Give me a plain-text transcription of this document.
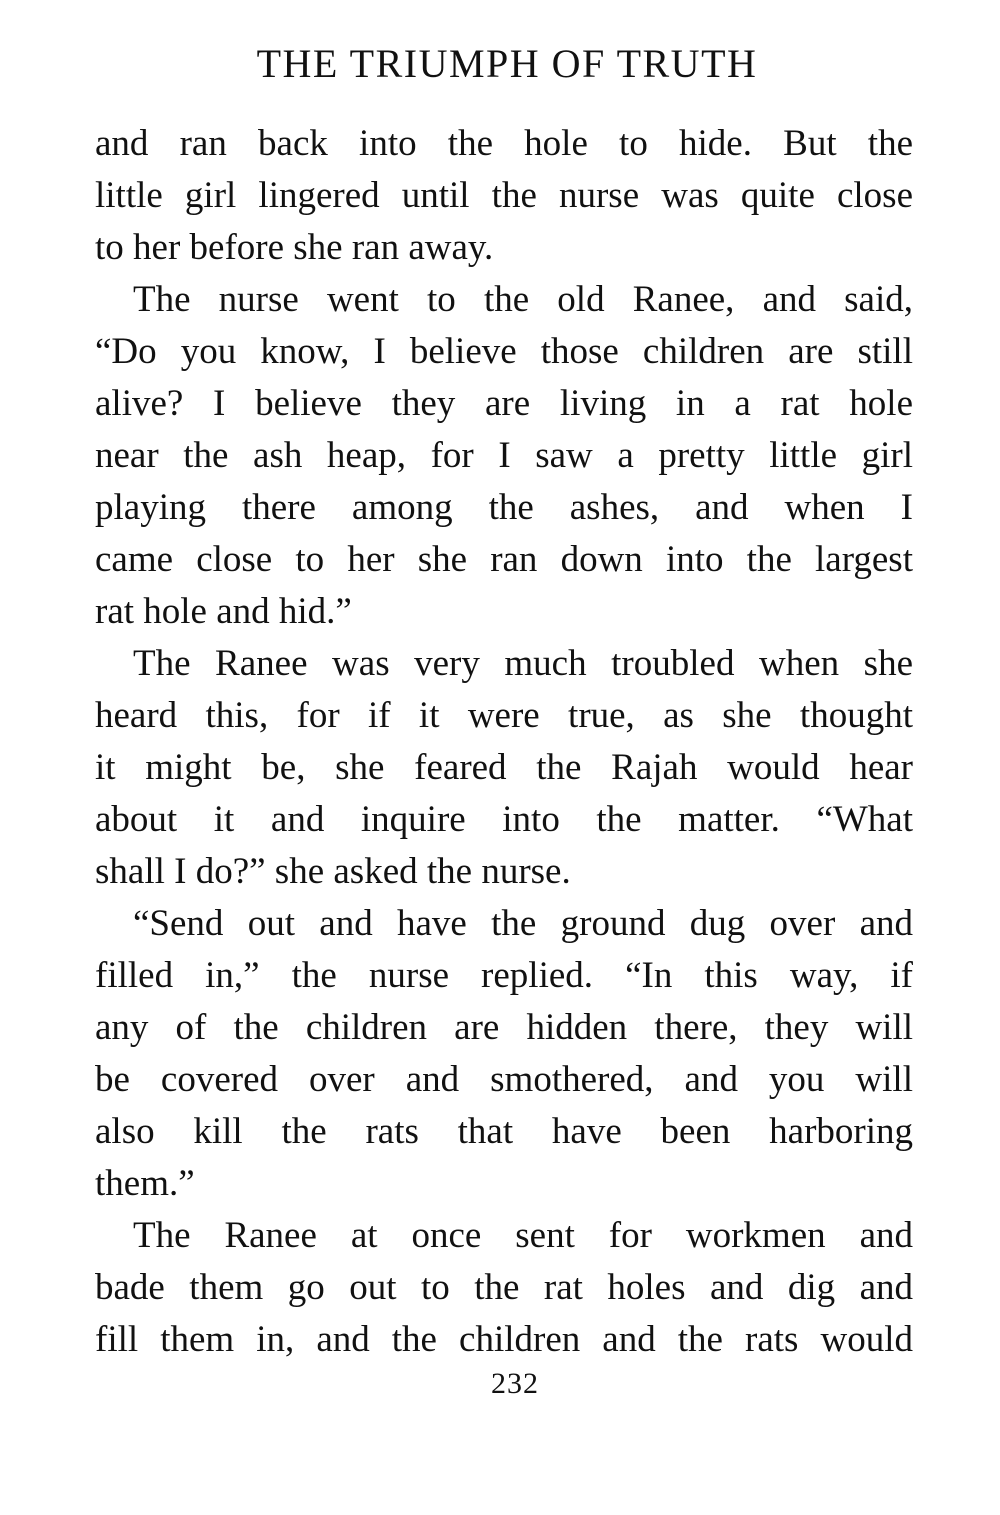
THE TRIUMPH OF TRUTH
and ran back into the hole to hide. But the
little girl lingered until the nurse was quite close
to her before she ran away.
The nurse went to the old Ranee, and said,
“Do you know, I believe those children are still
alive? I believe they are living in a rat hole
near the ash heap, for I saw a pretty little girl
playing there among the ashes, and when I
came close to her she ran down into the largest
rat hole and hid.”
The Ranee was very much troubled when she
heard this, for if it were true, as she thought
it might be, she feared the Rajah would hear
about it and inquire into the matter. “What
shall I do?” she asked the nurse.
“Send out and have the ground dug over and
filled in,” the nurse replied. “In this way, if
any of the children are hidden there, they will
be covered over and smothered, and you will
also kill the rats that have been harboring
them.”
The Ranee at once sent for workmen and
bade them go out to the rat holes and dig and
fill them in, and the children and the rats would
232
